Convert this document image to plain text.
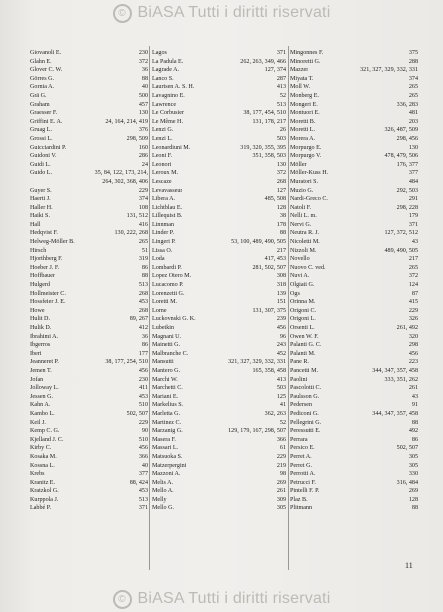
© BiASA Tutti i diritti riservati
Giovanoli E.	230
Glahn E.	372
Glover C. W.	36
Görres G.	88
Gornia A.	40
Grä G.	500
Graham	457
Graesser F.	130
Griffini E. A.	24, 164, 214, 419
Gruag L.	376
Grossi L.	298, 509
Guicciardini P.	160
Guidoni V.	286
Guidi L.	24
Guido L.	35, 84, 122, 173, 214,
264, 302, 368, 406
Guyer S.	229
Haerti J.	374
Haller H.	108
Haiki S.	131, 512
Hall	416
Hedqvist F.	130, 222, 268
Helweg-Möller B.	265
Hirsch	51
Hjorthberg F.	319
Hoeber J. F.	86
Hoffbauer	88
Hulgerd	513
Hollmeister C.	268
Hossfeier J. E.	453
Howe	268
Hulit D.	89, 267
Hulik D.	412
Ibrahimi A.	36
Ibgerros	86
Iberi	177
Jeanneret P.	38, 177, 254, 510
Jemen T.	456
Jofan	230
Jolloway L.	411
Jessen G.	453
Kahn A.	510
Kambo L.	502, 507
Keil J.	229
Kemp C. G.	90
Kjelland J. C.	510
Kirby C.	456
Kosaka M.	366
Kossna L.	40
Krebs	377
Kranitz E.	88, 424
Kratzkol G.	453
Kurppola J.	513
Labbé P.	371
Lagos	371
La Padula E.	262, 263, 349, 466
Lagrade A.	127, 374
Lanco S.	287
Laurtsen A. S. H.	413
Lavagnino E.	52
Lawrence	513
Le Corbusier	38, 177, 454, 510
Le Même H.	131, 178, 217
Lenzi G.	26
Lenzi L.	503
Leonardiuni M.	319, 320, 355, 395
Leoni F.	351, 358, 503
Leonori	130
Leroux M.	372
Lescaze	268
Levavasseur	127
Libera A.	485, 508
Lichtblau E.	128
Lillequist B.	38
Linnman	178
Linder P.	88
Lingeri P.	53, 100, 489, 490, 505
Lissa O.	217
Loda	417, 453
Lombardi P.	281, 502, 507
Lopez Otero M.	308
Lucacomo P.	318
Lorenzetti G.	139
Loretti M.	151
Lorne	131, 307, 375
Luckovnski G. K.	239
Lubetkin	456
Magnani U.	96
Mainetti G.	243
Malbranche C.	452
Mansutti	321, 327, 329, 332, 331
Mantero G.	165, 358, 458
Marchi W.	413
Marchetti C.	503
Mariani E.	125
Markelius S.	41
Marletta G.	362, 263
Martinez C.	52
Marzanig G.	129, 179, 167, 298, 507
Masera F.	366
Massari L.	61
Matsuoka S.	229
Matzerpergini	219
Mazzoni A.	98
Melis A.	269
Mello A.	261
Melly	309
Mello G.	305
Mingonnes F.	375
Minoretti G.	288
Mazzer	321, 327, 329, 332, 331
Miyata T.	374
Moll W.	265
Monberg E.	265
Mongeri E.	336, 283
Montuori E.	481
Moretti B.	203
Moretti L.	326, 487, 509
Morera A.	298, 456
Morpurgo E.	130
Morpurgo V.	478, 479, 506
Möller	176, 377
Möller-Kuss H.	377
Muratori S.	484
Muzio G.	292, 503
Nardi-Greco C.	291
Natoli F.	298, 228
Nelli L. m.	179
Nervi G.	371
Neutra R. J.	127, 372, 512
Nicoletti M.	43
Nizzoli M.	489, 490, 505
Novello	217
Nuovo C. ved.	265
Nuvi A.	372
Olgiati G.	124
Ogs	87
Orinna M.	415
Origoni C.	229
Origoni L.	326
Orsenti L.	261, 492
Owen W. F.	320
Palanti G. C.	298
Palanti M.	456
Pane R.	223
Pancetti M.	344, 347, 357, 458
Paolini	333, 351, 262
Pascolotti C.	261
Paulsson G.	43
Pedersen	91
Pediconi G.	344, 347, 357, 458
Pellegrini G.	88
Peressutti E.	492
Perrara	86
Persico E.	502, 507
Perret A.	305
Perret G.	305
Perrotti A.	330
Petrucci F.	316, 484
Pintelli F. P.	269
Plaz B.	128
Plitmann	88
11
© BiASA Tutti i diritti riservati
